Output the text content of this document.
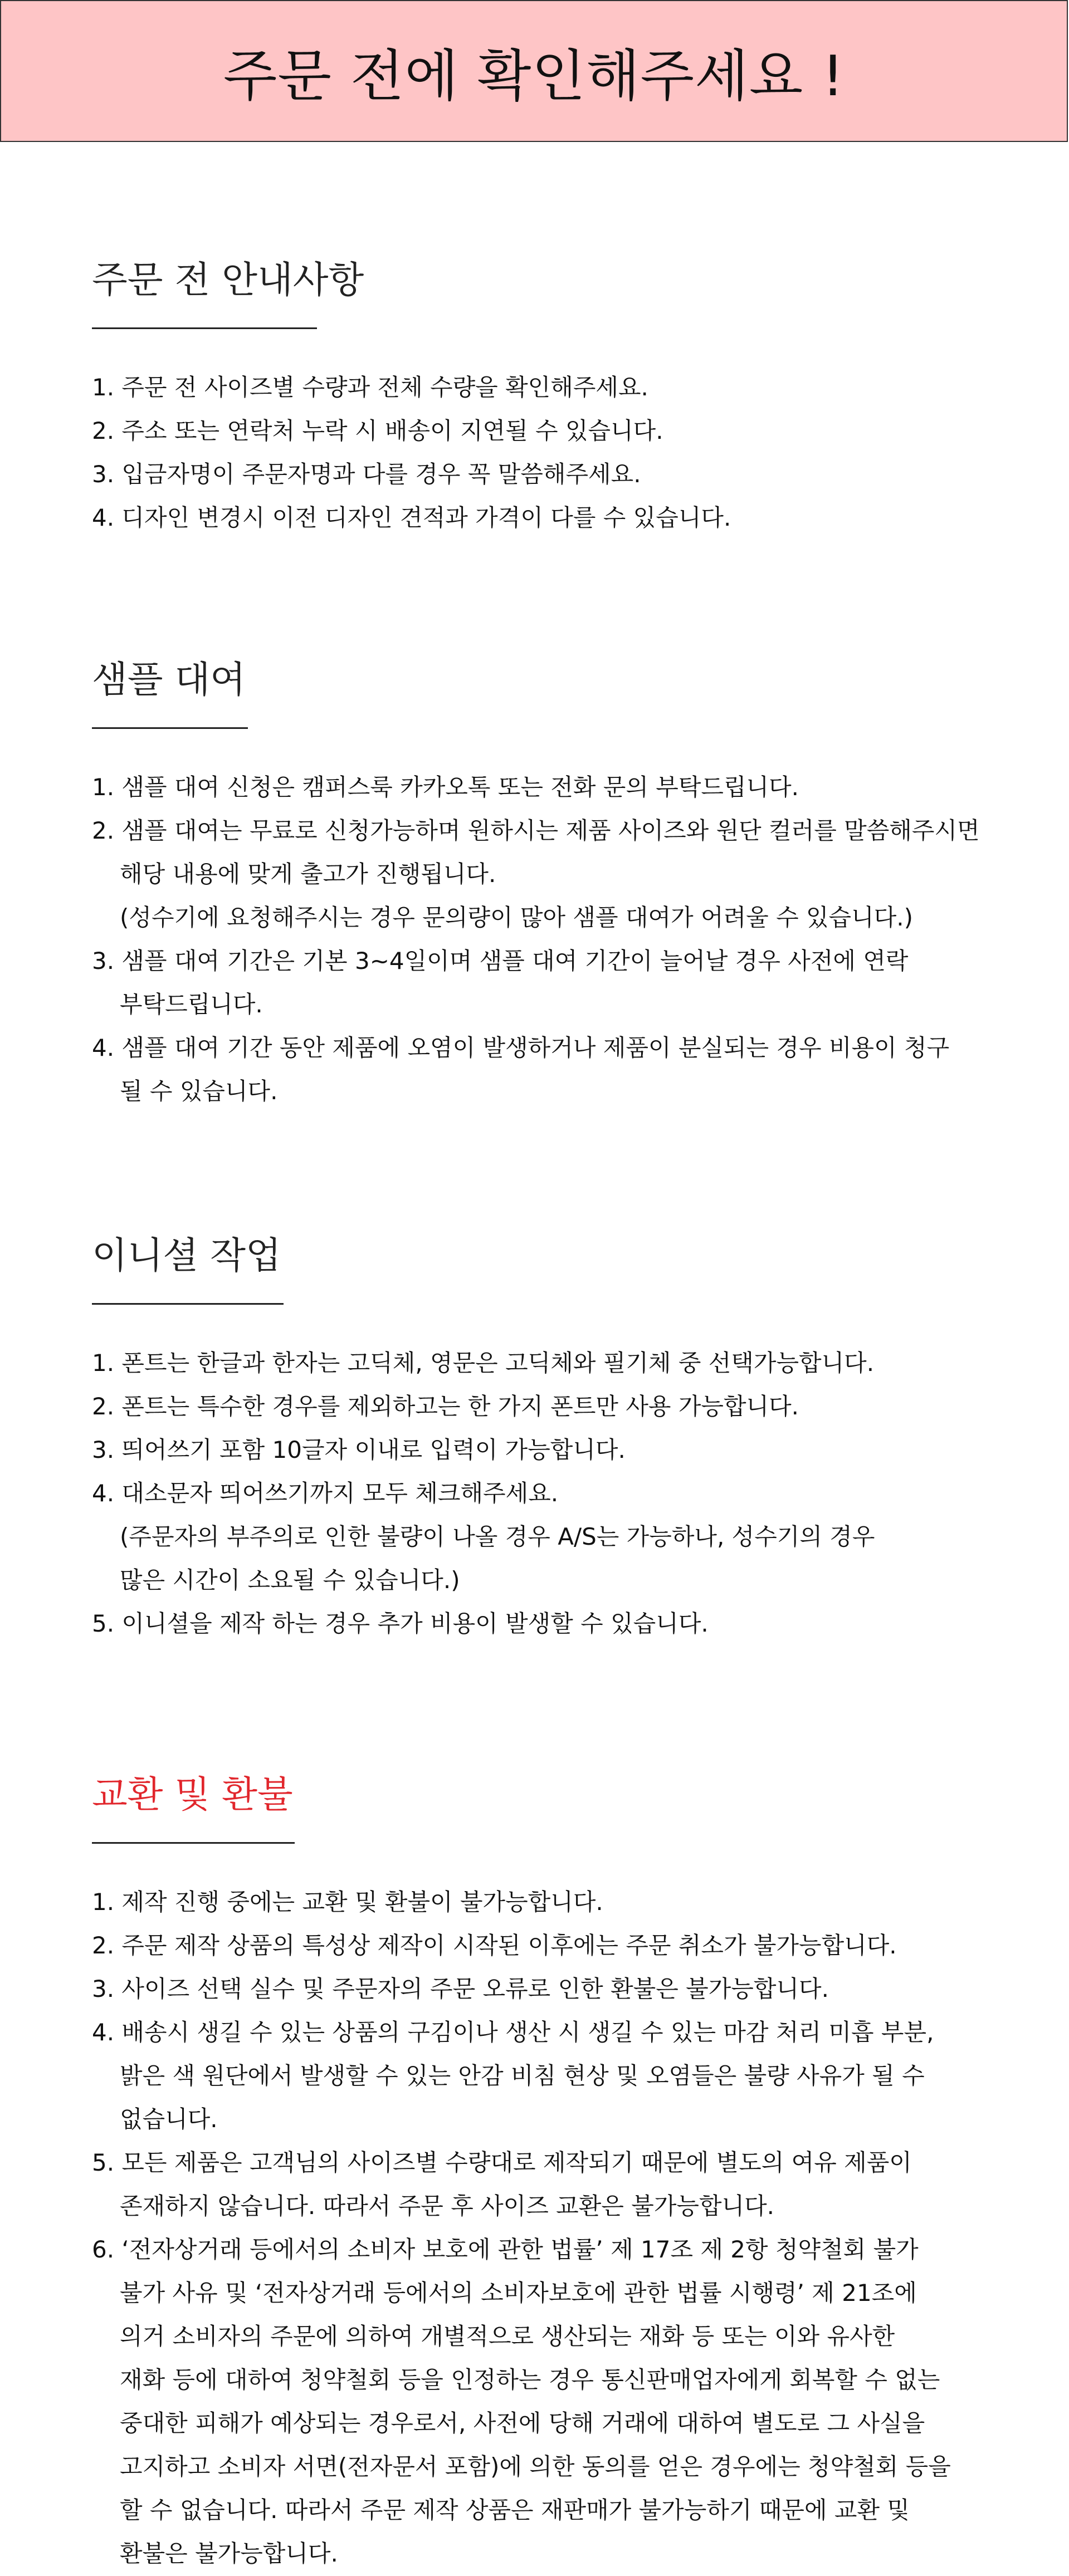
주문 전에 확인해주세요 !
주문 전 안내사항
1. 주문 전 사이즈별 수량과 전체 수량을 확인해주세요.
2. 주소 또는 연락처 누락 시 배송이 지연될 수 있습니다.
3. 입금자명이 주문자명과 다를 경우 꼭 말씀해주세요.
4. 디자인 변경시 이전 디자인 견적과 가격이 다를 수 있습니다.
샘플 대여
1. 샘플 대여 신청은 캠퍼스룩 카카오톡 또는 전화 문의 부탁드립니다.
2. 샘플 대여는 무료로 신청가능하며 원하시는 제품 사이즈와 원단 컬러를 말씀해주시면
해당 내용에 맞게 출고가 진행됩니다.
(성수기에 요청해주시는 경우 문의량이 많아 샘플 대여가 어려울 수 있습니다.)
3. 샘플 대여 기간은 기본 3~4일이며 샘플 대여 기간이 늘어날 경우 사전에 연락
부탁드립니다.
4. 샘플 대여 기간 동안 제품에 오염이 발생하거나 제품이 분실되는 경우 비용이 청구
될 수 있습니다.
이니셜 작업
1. 폰트는 한글과 한자는 고딕체, 영문은 고딕체와 필기체 중 선택가능합니다.
2. 폰트는 특수한 경우를 제외하고는 한 가지 폰트만 사용 가능합니다.
3. 띄어쓰기 포함 10글자 이내로 입력이 가능합니다.
4. 대소문자 띄어쓰기까지 모두 체크해주세요.
(주문자의 부주의로 인한 불량이 나올 경우 A/S는 가능하나, 성수기의 경우
많은 시간이 소요될 수 있습니다.)
5. 이니셜을 제작 하는 경우 추가 비용이 발생할 수 있습니다.
교환 및 환불
1. 제작 진행 중에는 교환 및 환불이 불가능합니다.
2. 주문 제작 상품의 특성상 제작이 시작된 이후에는 주문 취소가 불가능합니다.
3. 사이즈 선택 실수 및 주문자의 주문 오류로 인한 환불은 불가능합니다.
4. 배송시 생길 수 있는 상품의 구김이나 생산 시 생길 수 있는 마감 처리 미흡 부분,
밝은 색 원단에서 발생할 수 있는 안감 비침 현상 및 오염들은 불량 사유가 될 수
없습니다.
5. 모든 제품은 고객님의 사이즈별 수량대로 제작되기 때문에 별도의 여유 제품이
존재하지 않습니다. 따라서 주문 후 사이즈 교환은 불가능합니다.
6. ‘전자상거래 등에서의 소비자 보호에 관한 법률’ 제 17조 제 2항 청약철회 불가
불가 사유 및 ‘전자상거래 등에서의 소비자보호에 관한 법률 시행령’ 제 21조에
의거 소비자의 주문에 의하여 개별적으로 생산되는 재화 등 또는 이와 유사한
재화 등에 대하여 청약철회 등을 인정하는 경우 통신판매업자에게 회복할 수 없는
중대한 피해가 예상되는 경우로서, 사전에 당해 거래에 대하여 별도로 그 사실을
고지하고 소비자 서면(전자문서 포함)에 의한 동의를 얻은 경우에는 청약철회 등을
할 수 없습니다. 따라서 주문 제작 상품은 재판매가 불가능하기 때문에 교환 및
환불은 불가능합니다.
